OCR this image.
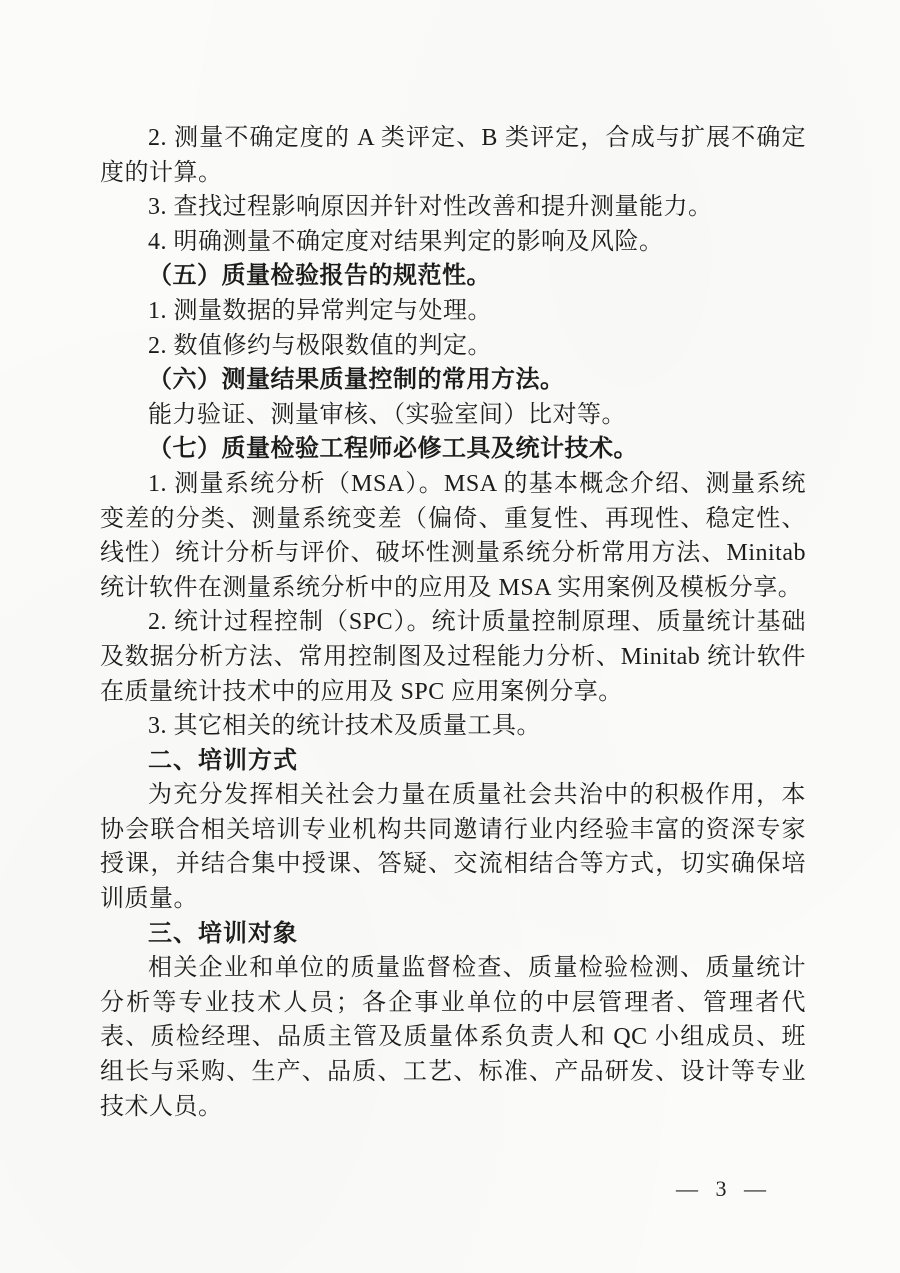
2. 测量不确定度的 A 类评定、B 类评定，合成与扩展不确定度的计算。

3. 查找过程影响原因并针对性改善和提升测量能力。

4. 明确测量不确定度对结果判定的影响及风险。

（五）质量检验报告的规范性。

1. 测量数据的异常判定与处理。

2. 数值修约与极限数值的判定。

（六）测量结果质量控制的常用方法。

能力验证、测量审核、（实验室间）比对等。

（七）质量检验工程师必修工具及统计技术。

1. 测量系统分析（MSA）。MSA 的基本概念介绍、测量系统变差的分类、测量系统变差（偏倚、重复性、再现性、稳定性、线性）统计分析与评价、破坏性测量系统分析常用方法、Minitab 统计软件在测量系统分析中的应用及 MSA 实用案例及模板分享。

2. 统计过程控制（SPC）。统计质量控制原理、质量统计基础及数据分析方法、常用控制图及过程能力分析、Minitab 统计软件在质量统计技术中的应用及 SPC 应用案例分享。

3. 其它相关的统计技术及质量工具。

二、培训方式

为充分发挥相关社会力量在质量社会共治中的积极作用，本协会联合相关培训专业机构共同邀请行业内经验丰富的资深专家授课，并结合集中授课、答疑、交流相结合等方式，切实确保培训质量。

三、培训对象

相关企业和单位的质量监督检查、质量检验检测、质量统计分析等专业技术人员；各企事业单位的中层管理者、管理者代表、质检经理、品质主管及质量体系负责人和 QC 小组成员、班组长与采购、生产、品质、工艺、标准、产品研发、设计等专业技术人员。

— 3 —
